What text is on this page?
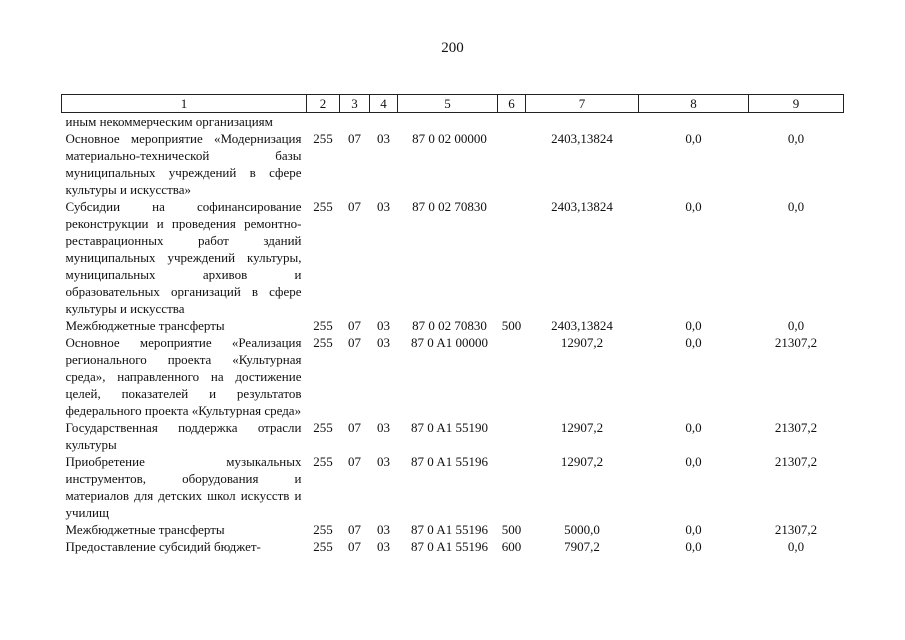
200
1	2	3	4	5	6	7	8	9
иным некоммерческим организациям								
Основное мероприятие «Модернизация материально-технической базы муниципальных учреждений в сфере культуры и искусства»	255	07	03	87 0 02 00000		2403,13824	0,0	0,0
Субсидии на софинансирование реконструкции и проведения ремонтно-реставрационных работ зданий муниципальных учреждений культуры, муниципальных архивов и образовательных организаций в сфере культуры и искусства	255	07	03	87 0 02 70830		2403,13824	0,0	0,0
Межбюджетные трансферты	255	07	03	87 0 02 70830	500	2403,13824	0,0	0,0
Основное мероприятие «Реализация регионального проекта «Культурная среда», направленного на достижение целей, показателей и результатов федерального проекта «Культурная среда»	255	07	03	87 0 A1 00000		12907,2	0,0	21307,2
Государственная поддержка отрасли культуры	255	07	03	87 0 A1 55190		12907,2	0,0	21307,2
Приобретение музыкальных инструментов, оборудования и материалов для детских школ искусств и училищ	255	07	03	87 0 A1 55196		12907,2	0,0	21307,2
Межбюджетные трансферты	255	07	03	87 0 A1 55196	500	5000,0	0,0	21307,2
Предоставление субсидий бюджет-	255	07	03	87 0 A1 55196	600	7907,2	0,0	0,0
